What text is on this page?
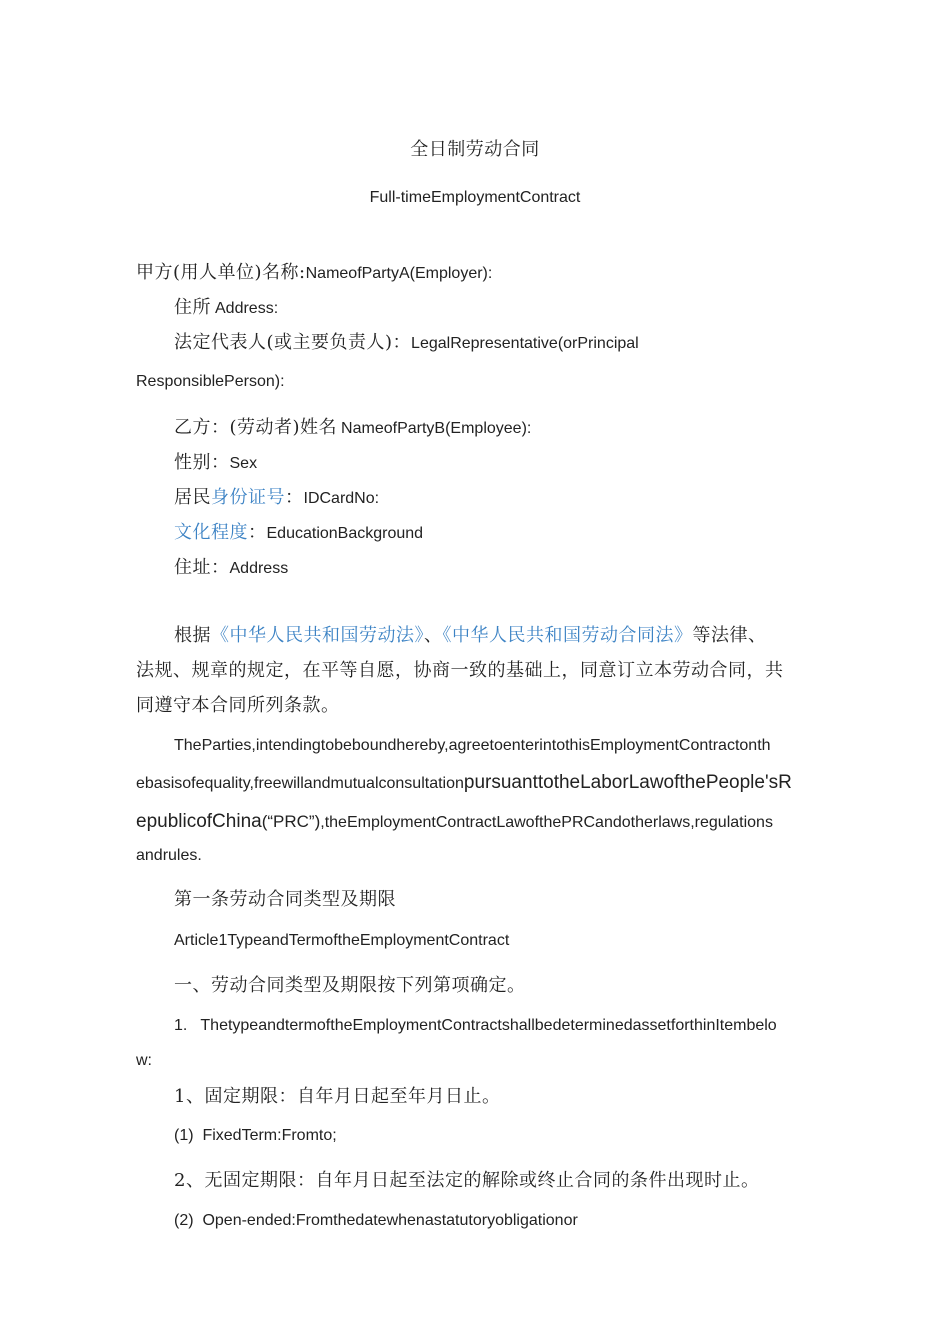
全日制劳动合同
Full-timeEmploymentContract
甲方(用人单位)名称:NameofPartyA(Employer):
住所 Address:
法定代表人(或主要负责人)：LegalRepresentative(orPrincipal
ResponsiblePerson):
乙方：(劳动者)姓名 NameofPartyB(Employee):
性别：Sex
居民身份证号：IDCardNo:
文化程度：EducationBackground
住址：Address
根据《中华人民共和国劳动法》、《中华人民共和国劳动合同法》等法律、
法规、规章的规定，在平等自愿，协商一致的基础上，同意订立本劳动合同，共
同遵守本合同所列条款。
TheParties,intendingtobeboundhereby,agreetoenterintothisEmploymentContractonth
ebasisofequality,freewillandmutualconsultationpursuanttotheLaborLawofthePeople'sR
epublicofChina(“PRC”),theEmploymentContractLawofthePRCandotherlaws,regulations
andrules.
第一条劳动合同类型及期限
Article1TypeandTermoftheEmploymentContract
一、劳动合同类型及期限按下列第项确定。
1.   ThetypeandtermoftheEmploymentContractshallbedeterminedassetforthinItembelo
w:
1、固定期限：自年月日起至年月日止。
(1)  FixedTerm:Fromto;
2、无固定期限：自年月日起至法定的解除或终止合同的条件出现时止。
(2)  Open-ended:Fromthedatewhenastatutoryobligationor
